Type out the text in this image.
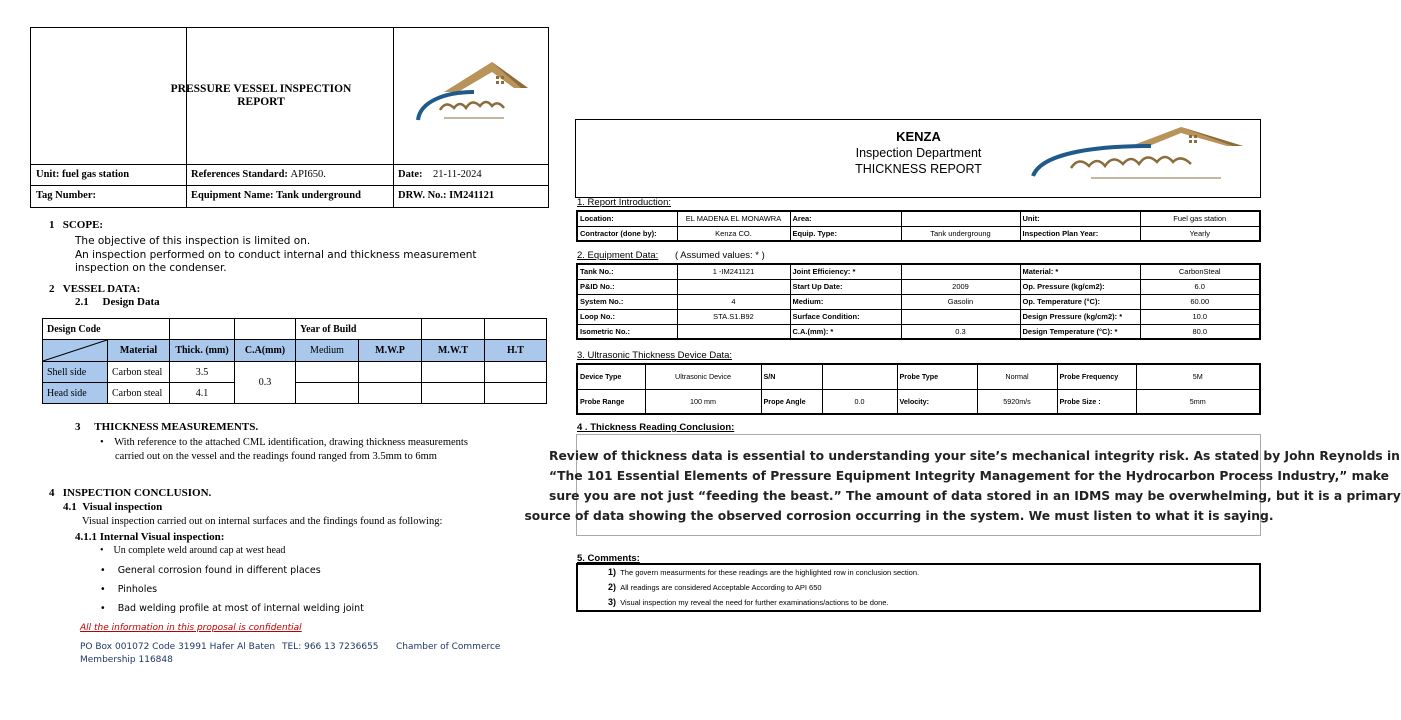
PRESSURE VESSEL INSPECTION
REPORT
Unit: fuel gas station	References Standard: API650.	Date: 21-11-2024
Tag Number:	Equipment Name: Tank underground	DRW. No.: IM241121
1 SCOPE:
The objective of this inspection is limited on.
An inspection performed on to conduct internal and thickness measurement
inspection on the condenser.
2 VESSEL DATA:
2.1 Design Data
Design Code				Year of Build			

	Material	Thick. (mm)	C.A(mm)	Medium	M.W.P	M.W.T	H.T
Shell side	Carbon steal	3.5	0.3				
Head side	Carbon steal	4.1					
3 THICKNESS MEASUREMENTS.
•    With reference to the attached CML identification, drawing thickness measurements
carried out on the vessel and the readings found ranged from 3.5mm to 6mm
4 INSPECTION CONCLUSION.
4.1 Visual inspection
Visual inspection carried out on internal surfaces and the findings found as following:
4.1.1 Internal Visual inspection:
•    Un complete weld around cap at west head
•    General corrosion found in different places
•    Pinholes
•    Bad welding profile at most of internal welding joint
All the information in this proposal is confidential
PO Box 001072 Code 31991 Hafer Al Baten TEL: 966 13 7236655 Chamber of Commerce
Membership 116848
KENZA
Inspection Department
THICKNESS REPORT
1. Report Introduction:
Location:	EL MADENA EL MONAWRA	Area:		Unit:	Fuel gas station
Contractor (done by):	Kenza CO.	Equip. Type:	Tank undergroung	Inspection Plan Year:	Yearly
2. Equipment Data: ( Assumed values: * )
Tank No.:	1 -IM241121	Joint Efficiency: *		Material: *	CarbonSteal
P&ID No.:		Start Up Date:	2009	Op. Pressure (kg/cm2):	6.0
System No.:	4	Medium:	Gasolin	Op. Temperature (°C):	60.00
Loop No.:	STA.S1.B92	Surface Condition:		Design Pressure (kg/cm2): *	10.0
Isometric No.:		C.A.(mm): *	0.3	Design Temperature (°C): *	80.0
3. Ultrasonic Thickness Device Data:
Device Type	Ultrasonic Device	S/N		Probe Type	Normal	Probe Frequency	5M
Probe Range	100 mm	Prope Angle	0.0	Velocity:	5920m/s	Probe Size :	5mm
4 . Thickness Reading Conclusion:
Review of thickness data is essential to understanding your site’s mechanical integrity risk. As stated by John Reynolds in
“The 101 Essential Elements of Pressure Equipment Integrity Management for the Hydrocarbon Process Industry,” make
sure you are not just “feeding the beast.” The amount of data stored in an IDMS may be overwhelming, but it is a primary
source of data showing the observed corrosion occurring in the system. We must listen to what it is saying.
5. Comments:
1) The govern measurments for these readings are the highlighted row in conclusion section.
2) All readings are considered Acceptable According to API 650
3) Visual inspection my reveal the need for further examinations/actions to be done.
